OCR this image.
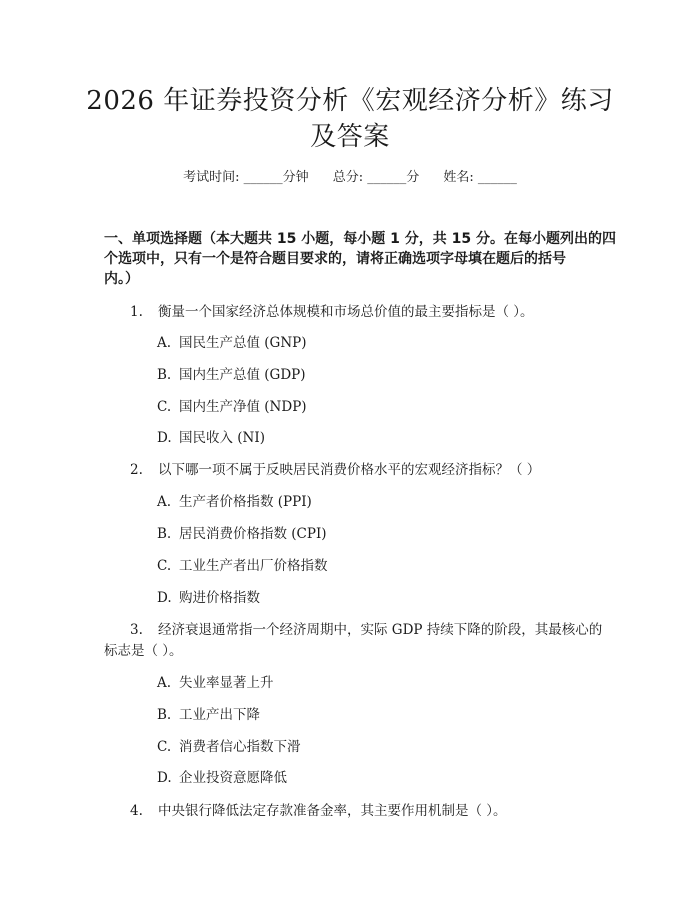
2026 年证券投资分析《宏观经济分析》练习
及答案
考试时间: ______分钟 总分: ______分 姓名: ______
一、单项选择题（本大题共 15 小题，每小题 1 分，共 15 分。在每小题列出的四
个选项中，只有一个是符合题目要求的，请将正确选项字母填在题后的括号
内。）
1. 衡量一个国家经济总体规模和市场总价值的最主要指标是（ ）。
A. 国民生产总值 (GNP)
B. 国内生产总值 (GDP)
C. 国内生产净值 (NDP)
D. 国民收入 (NI)
2. 以下哪一项不属于反映居民消费价格水平的宏观经济指标？（ ）
A. 生产者价格指数 (PPI)
B. 居民消费价格指数 (CPI)
C. 工业生产者出厂价格指数
D. 购进价格指数
3. 经济衰退通常指一个经济周期中，实际 GDP 持续下降的阶段，其最核心的
标志是（ ）。
A. 失业率显著上升
B. 工业产出下降
C. 消费者信心指数下滑
D. 企业投资意愿降低
4. 中央银行降低法定存款准备金率，其主要作用机制是（ ）。
